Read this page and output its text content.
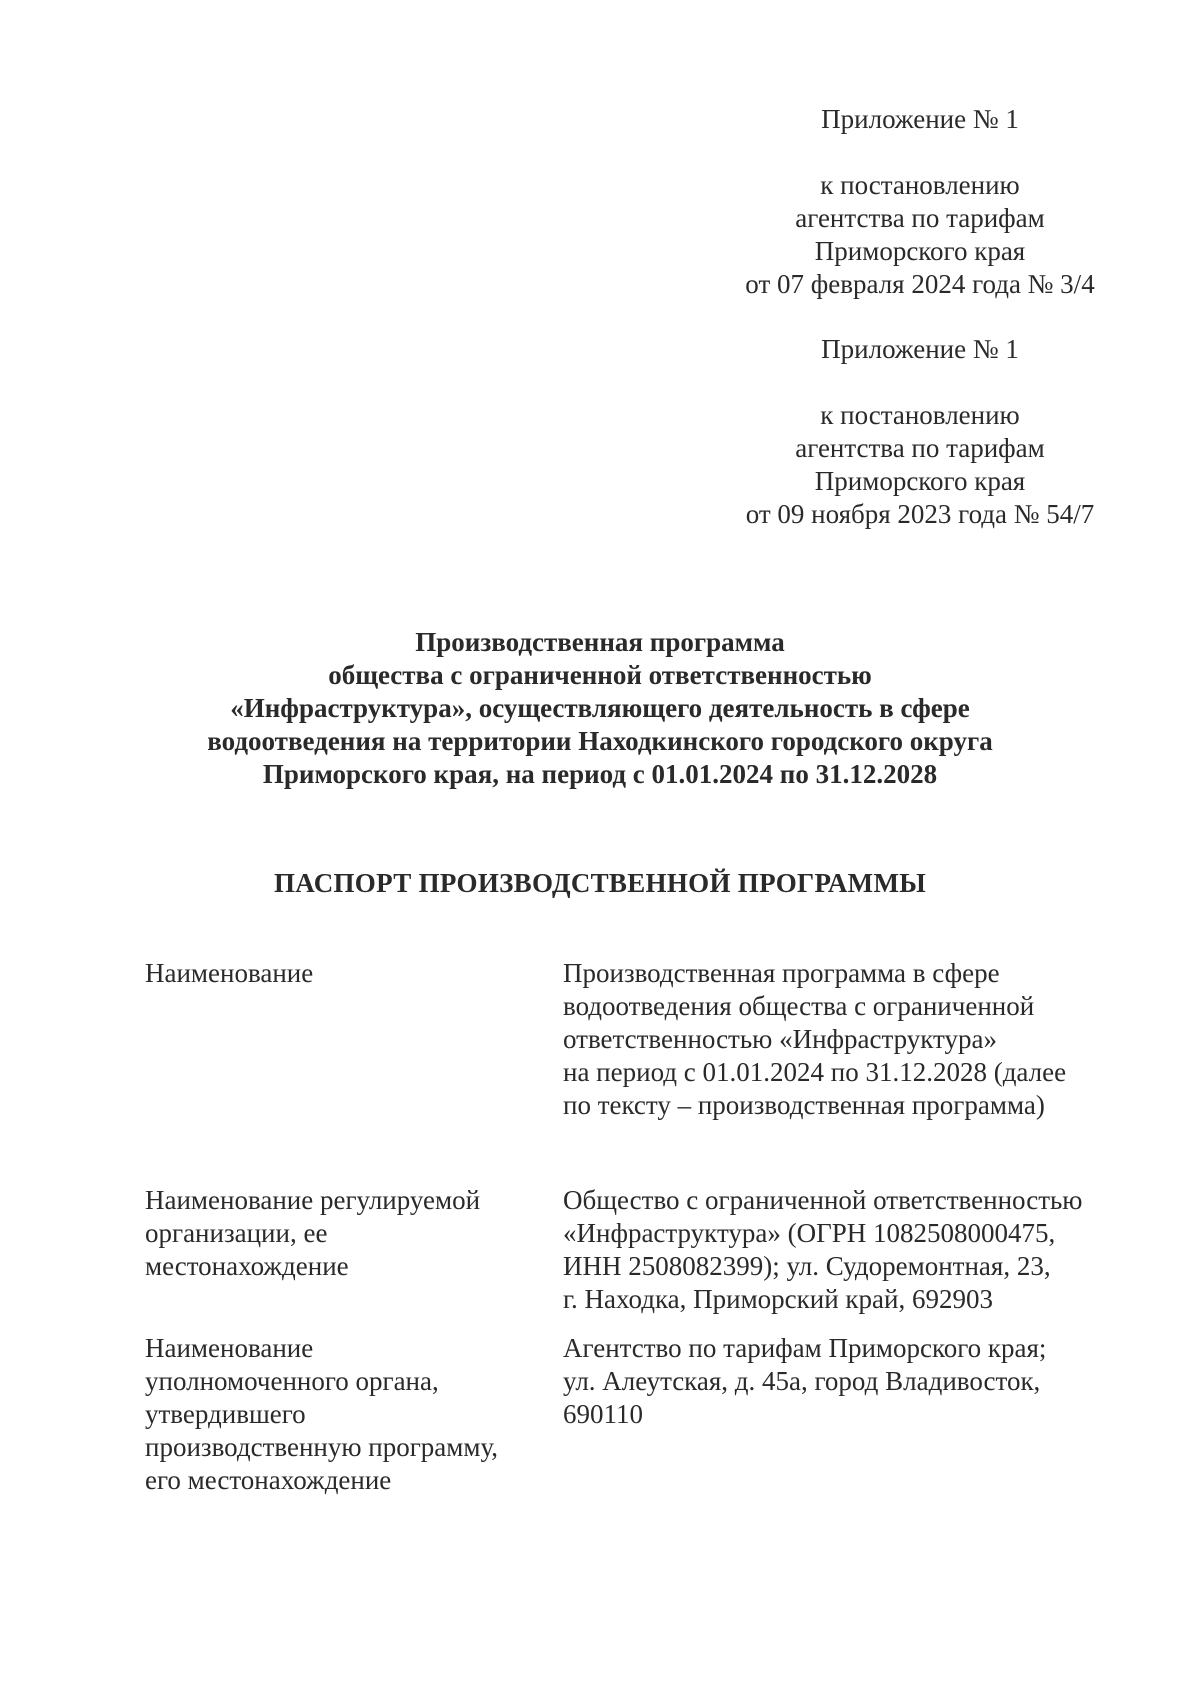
Приложение № 1
к постановлению
агентства по тарифам
Приморского края
от 07 февраля 2024 года № 3/4
Приложение № 1
к постановлению
агентства по тарифам
Приморского края
от 09 ноября 2023 года № 54/7
Производственная программа
общества с ограниченной ответственностью
«Инфраструктура», осуществляющего деятельность в сфере
водоотведения на территории Находкинского городского округа
Приморского края, на период с 01.01.2024 по 31.12.2028
ПАСПОРТ ПРОИЗВОДСТВЕННОЙ ПРОГРАММЫ
Наименование	Производственная программа в сфере
водоотведения общества с ограниченной
ответственностью «Инфраструктура»
на период с 01.01.2024 по 31.12.2028 (далее
по тексту – производственная программа)
Наименование регулируемой
организации, ее
местонахождение
Общество с ограниченной ответственностью
«Инфраструктура» (ОГРН 1082508000475,
ИНН 2508082399); ул. Судоремонтная, 23,
г. Находка, Приморский край, 692903
Наименование
уполномоченного органа,
утвердившего
производственную программу,
его местонахождение
Агентство по тарифам Приморского края;
ул. Алеутская, д. 45а, город Владивосток,
690110
